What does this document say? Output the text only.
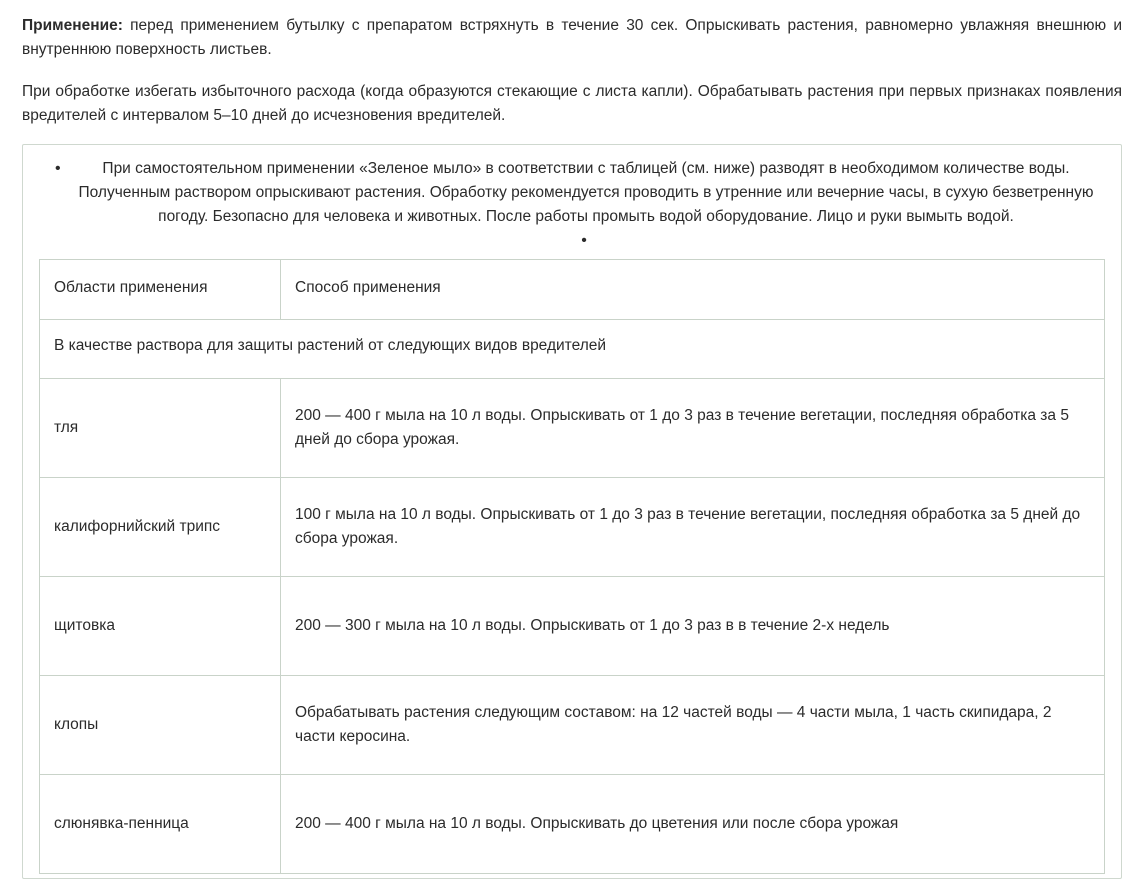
Применение: перед применением бутылку с препаратом встряхнуть в течение 30 сек. Опрыскивать растения, равномерно увлажняя внешнюю и внутреннюю поверхность листьев.

При обработке избегать избыточного расхода (когда образуются стекающие с листа капли). Обрабатывать растения при первых признаках появления вредителей с интервалом 5–10 дней до исчезновения вредителей.

• При самостоятельном применении «Зеленое мыло» в соответствии с таблицей (см. ниже) разводят в необходимом количестве воды. Полученным раствором опрыскивают растения. Обработку рекомендуется проводить в утренние или вечерние часы, в сухую безветренную погоду. Безопасно для человека и животных. После работы промыть водой оборудование. Лицо и руки вымыть водой.
•
Области применения	Способ применения
В качестве раствора для защиты растений от следующих видов вредителей	
тля	200 — 400 г мыла на 10 л воды. Опрыскивать от 1 до 3 раз в течение вегетации, последняя обработка за 5 дней до сбора урожая.
калифорнийский трипс	100 г мыла на 10 л воды. Опрыскивать от 1 до 3 раз в течение вегетации, последняя обработка за 5 дней до сбора урожая.
щитовка	200 — 300 г мыла на 10 л воды. Опрыскивать от 1 до 3 раз в в течение 2-х недель
клопы	Обрабатывать растения следующим составом: на 12 частей воды — 4 части мыла, 1 часть скипидара, 2 части керосина.
слюнявка-пенница	200 — 400 г мыла на 10 л воды. Опрыскивать до цветения или после сбора урожая
